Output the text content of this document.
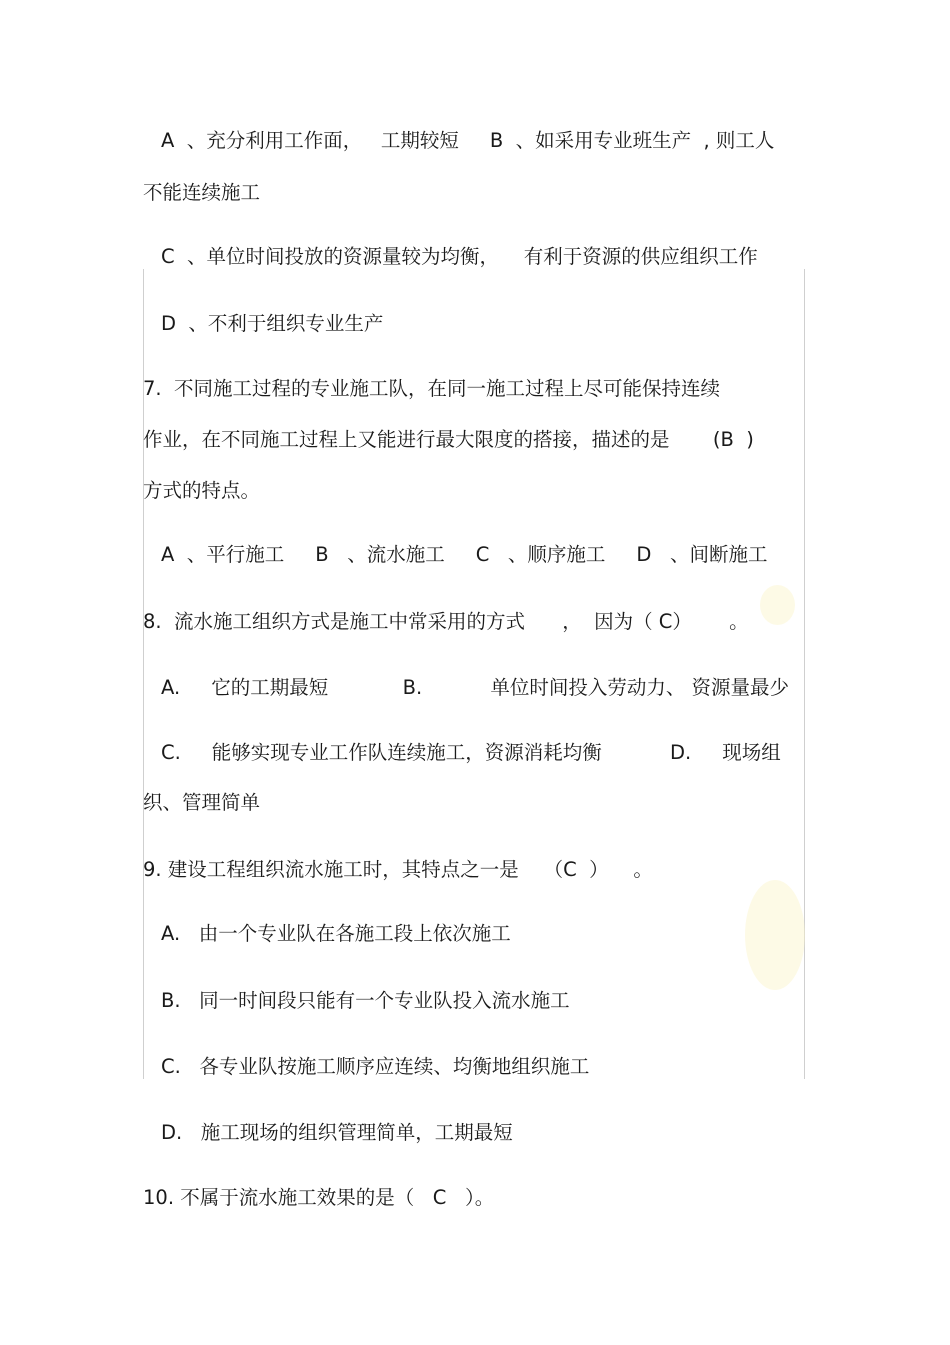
A  、充分利用工作面，   工期较短     B  、如采用专业班生产  , 则工人
不能连续施工
C  、单位时间投放的资源量较为均衡，    有利于资源的供应组织工作
D  、不利于组织专业生产
7.  不同施工过程的专业施工队，在同一施工过程上尽可能保持连续
作业，在不同施工过程上又能进行最大限度的搭接，描述的是       (B  )
方式的特点。
A  、平行施工     B   、流水施工     C   、顺序施工     D   、间断施工
8.  流水施工组织方式是施工中常采用的方式      ，  因为（ C）      。
A.     它的工期最短            B.           单位时间投入劳动力、 资源量最少
C.     能够实现专业工作队连续施工，资源消耗均衡           D.     现场组
织、管理简单
9. 建设工程组织流水施工时，其特点之一是    （C  ）    。
A.   由一个专业队在各施工段上依次施工
B.   同一时间段只能有一个专业队投入流水施工
C.   各专业队按施工顺序应连续、均衡地组织施工
D.   施工现场的组织管理简单，工期最短
10. 不属于流水施工效果的是（   C   ）。
